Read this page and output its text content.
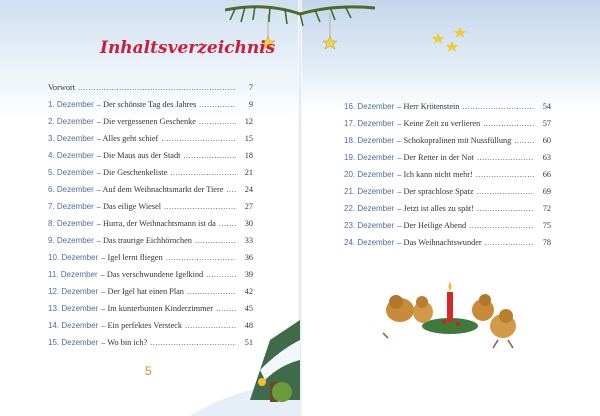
Inhaltsverzeichnis
Vorwort .....	7
1. Dezember – Der schönste Tag des Jahres .....	9
2. Dezember – Die vergessenen Geschenke .....	12
3. Dezember – Alles geht schief .....	15
4. Dezember – Die Maus aus der Stadt .....	18
5. Dezember – Die Geschenkeliste .....	21
6. Dezember – Auf dem Weihnachtsmarkt der Tiere .....	24
7. Dezember – Das eilige Wiesel .....	27
8. Dezember – Hurra, der Weihnachtsmann ist da .....	30
9. Dezember – Das traurige Eichhörnchen .....	33
10. Dezember – Igel lernt fliegen .....	36
11. Dezember – Das verschwundene Igelkind .....	39
12. Dezember – Der Igel hat einen Plan .....	42
13. Dezember – Im kunterbunten Kinderzimmer .....	45
14. Dezember – Ein perfektes Versteck .....	48
15. Dezember – Wo bin ich? .....	51
16. Dezember – Herr Krötenstein .....	54
17. Dezember – Keine Zeit zu verlieren .....	57
18. Dezember – Schokopralinen mit Nussfüllung .....	60
19. Dezember – Der Retter in der Not .....	63
20. Dezember – Ich kann nicht mehr! .....	66
21. Dezember – Der sprachlose Spatz .....	69
22. Dezember – Jetzt ist alles zu spät! .....	72
23. Dezember – Der Heilige Abend .....	75
24. Dezember – Das Weihnachtswunder .....	78
5
